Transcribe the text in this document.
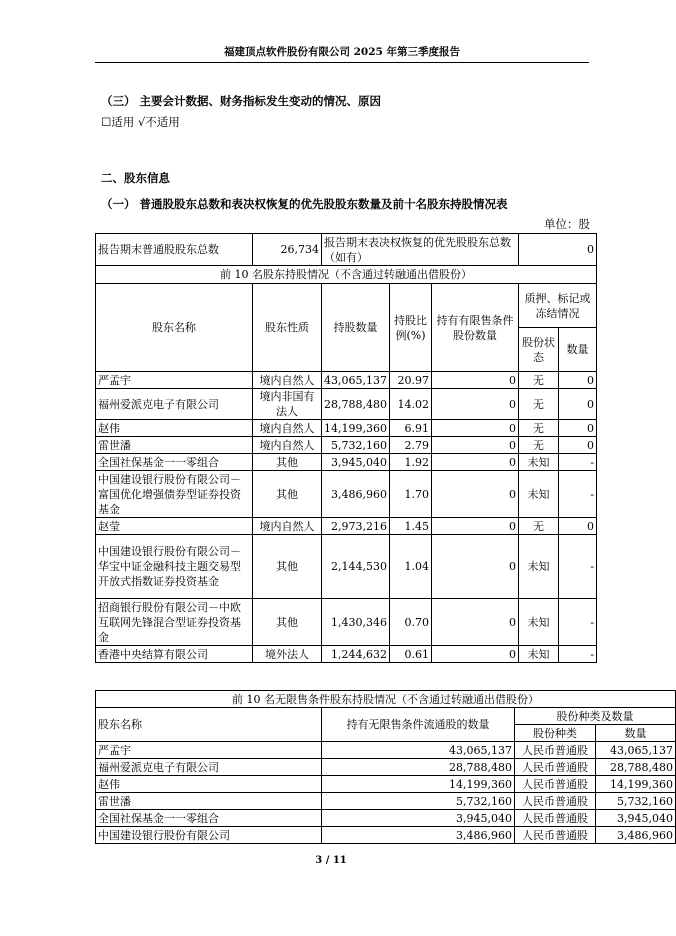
福建顶点软件股份有限公司 2025 年第三季度报告
（三） 主要会计数据、财务指标发生变动的情况、原因
☐适用 √不适用
二、股东信息
（一） 普通股股东总数和表决权恢复的优先股股东数量及前十名股东持股情况表
单位：股
报告期末普通股股东总数	26,734	报告期末表决权恢复的优先股股东总数（如有）			0	
前 10 名股东持股情况（不含通过转融通出借股份）						
股东名称	股东性质	持股数量	持股比例(%)	持有有限售条件股份数量	质押、标记或冻结情况	
					股份状态	数量
严孟宇	境内自然人	43,065,137	20.97	0	无	0
福州爱派克电子有限公司	境内非国有法人	28,788,480	14.02	0	无	0
赵伟	境内自然人	14,199,360	6.91	0	无	0
雷世潘	境内自然人	5,732,160	2.79	0	无	0
全国社保基金一一零组合	其他	3,945,040	1.92	0	未知	-
中国建设银行股份有限公司－富国优化增强债券型证券投资基金	其他	3,486,960	1.70	0	未知	-
赵莹	境内自然人	2,973,216	1.45	0	无	0
中国建设银行股份有限公司－华宝中证金融科技主题交易型开放式指数证券投资基金	其他	2,144,530	1.04	0	未知	-
招商银行股份有限公司－中欧互联网先锋混合型证券投资基金	其他	1,430,346	0.70	0	未知	-
香港中央结算有限公司	境外法人	1,244,632	0.61	0	未知	-
前 10 名无限售条件股东持股情况（不含通过转融通出借股份）			
股东名称	持有无限售条件流通股的数量	股份种类及数量	
		股份种类	数量
严孟宇	43,065,137	人民币普通股	43,065,137
福州爱派克电子有限公司	28,788,480	人民币普通股	28,788,480
赵伟	14,199,360	人民币普通股	14,199,360
雷世潘	5,732,160	人民币普通股	5,732,160
全国社保基金一一零组合	3,945,040	人民币普通股	3,945,040
中国建设银行股份有限公司	3,486,960	人民币普通股	3,486,960
3 / 11
